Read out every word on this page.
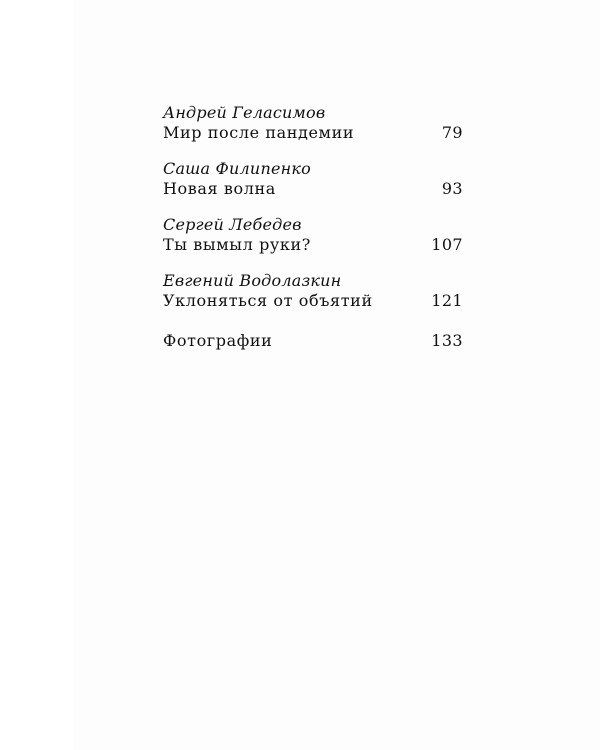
Андрей Геласимов
Мир после пандемии	79
Саша Филипенко
Новая волна	93
Сергей Лебедев
Ты вымыл руки?	107
Евгений Водолазкин
Уклоняться от объятий	121
Фотографии	133
